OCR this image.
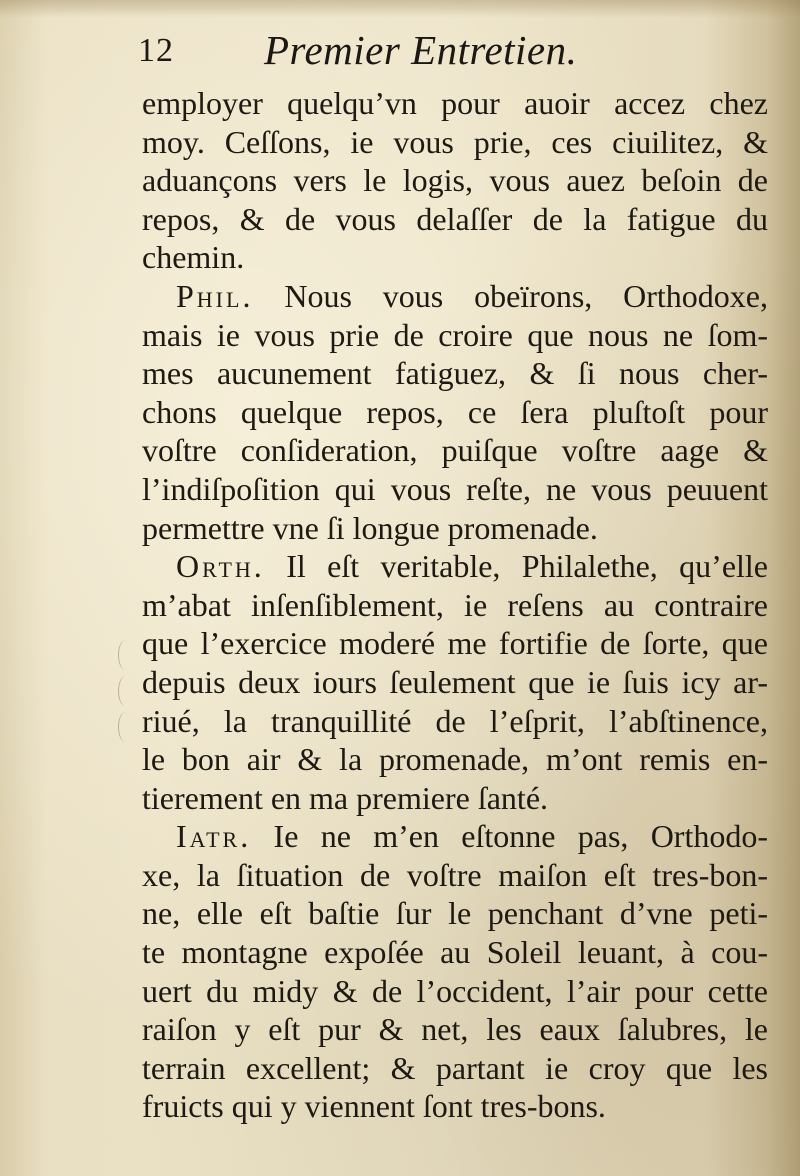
12 Premier Entretien.
employer quelqu’vn pour auoir accez chez
moy. Ceſſons, ie vous prie, ces ciuilitez, &
aduançons vers le logis, vous auez beſoin de
repos, & de vous delaſſer de la fatigue du
chemin.
Phil. Nous vous obeïrons, Orthodoxe,
mais ie vous prie de croire que nous ne ſom-
mes aucunement fatiguez, & ſi nous cher-
chons quelque repos, ce ſera pluſtoſt pour
voſtre conſideration, puiſque voſtre aage &
l’indiſpoſition qui vous reſte, ne vous peuuent
permettre vne ſi longue promenade.
Orth. Il eſt veritable, Philalethe, qu’elle
m’abat inſenſiblement, ie reſens au contraire
que l’exercice moderé me fortifie de ſorte, que
depuis deux iours ſeulement que ie ſuis icy ar-
riué, la tranquillité de l’eſprit, l’abſtinence,
le bon air & la promenade, m’ont remis en-
tierement en ma premiere ſanté.
Iatr. Ie ne m’en eſtonne pas, Orthodo-
xe, la ſituation de voſtre maiſon eſt tres-bon-
ne, elle eſt baſtie ſur le penchant d’vne peti-
te montagne expoſée au Soleil leuant, à cou-
uert du midy & de l’occident, l’air pour cette
raiſon y eſt pur & net, les eaux ſalubres, le
terrain excellent; & partant ie croy que les
fruicts qui y viennent ſont tres-bons.
